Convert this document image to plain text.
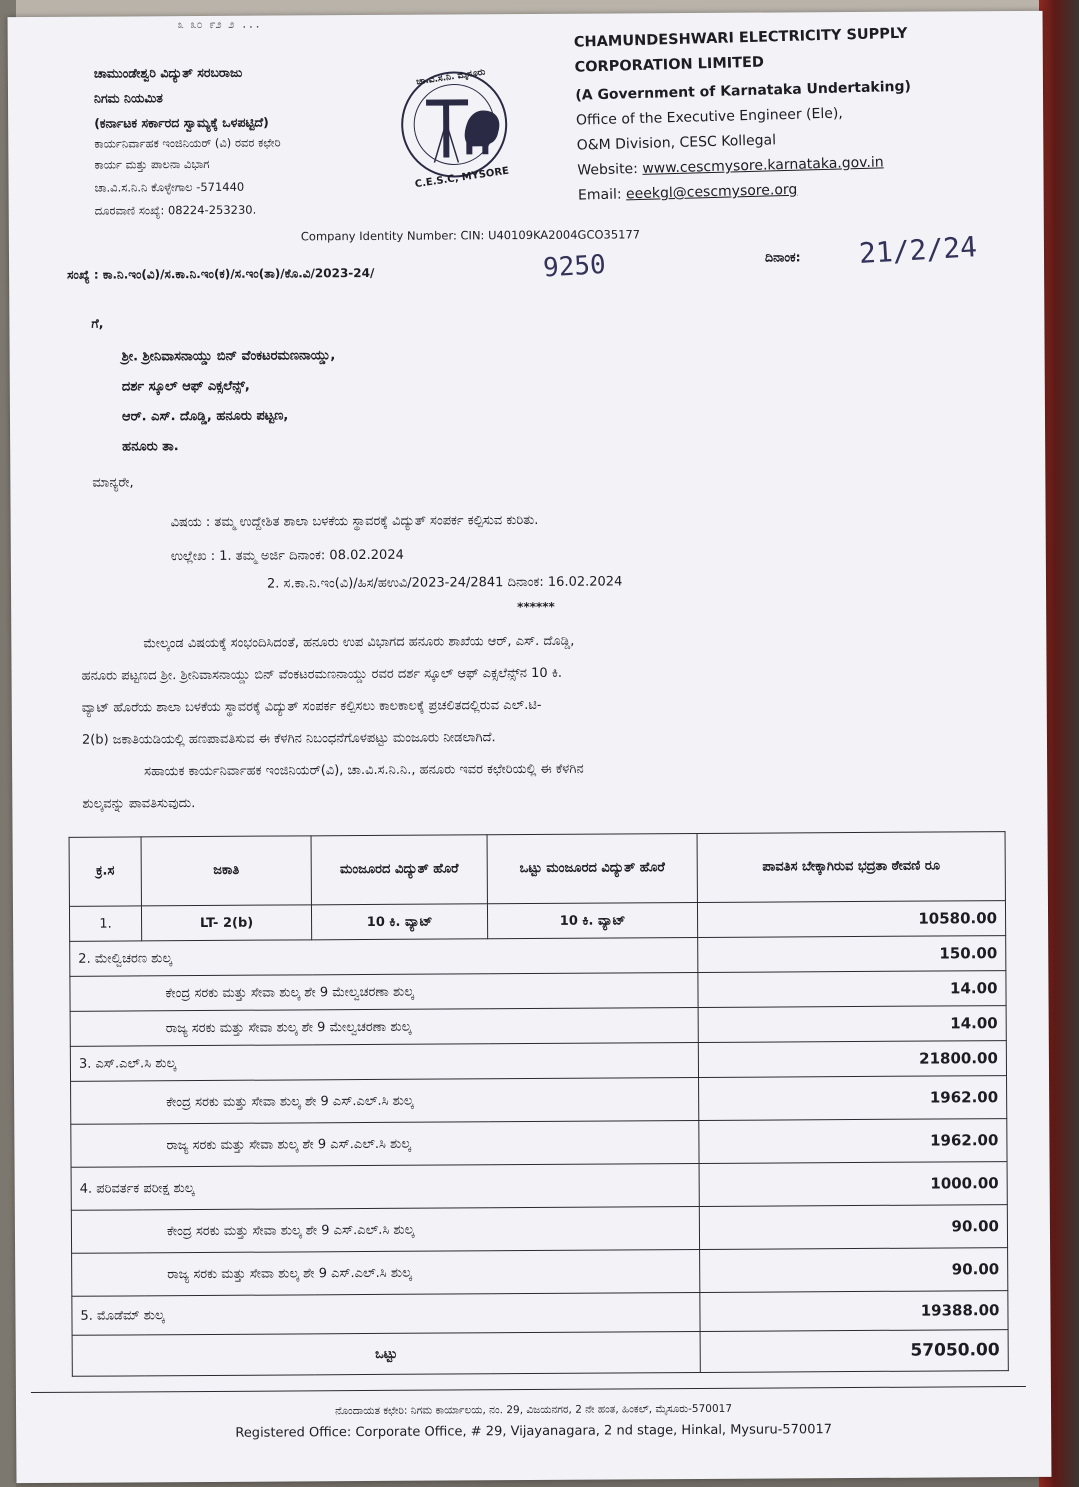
೩ ೩೦ ೯೨ ೨ ...
ಚಾಮುಂಡೇಶ್ವರಿ ವಿದ್ಯುತ್ ಸರಬರಾಜು
ನಿಗಮ ನಿಯಮಿತ
(ಕರ್ನಾಟಕ ಸರ್ಕಾರದ ಸ್ವಾಮ್ಯಕ್ಕೆ ಒಳಪಟ್ಟಿದೆ)
ಕಾರ್ಯನಿರ್ವಾಹಕ ಇಂಜಿನಿಯರ್ (ವಿ) ರವರ ಕಛೇರಿ
ಕಾರ್ಯ ಮತ್ತು ಪಾಲನಾ ವಿಭಾಗ
ಚಾ.ವಿ.ಸ.ನಿ.ನಿ ಕೊಳ್ಳೇಗಾಲ -571440
ದೂರವಾಣಿ ಸಂಖ್ಯೆ: 08224-253230.
ಚಾ.ವಿ.ಸ.ನಿ. ಮೈಸೂರು
C.E.S.C, MYSORE
CHAMUNDESHWARI ELECTRICITY SUPPLY
CORPORATION LIMITED
(A Government of Karnataka Undertaking)
Office of the Executive Engineer (Ele),
O&M Division, CESC Kollegal
Website: www.cescmysore.karnataka.gov.in
Email: eeekgl@cescmysore.org
Company Identity Number: CIN: U40109KA2004GCO35177
ಸಂಖ್ಯೆ : ಕಾ.ನಿ.ಇಂ(ವಿ)/ಸ.ಕಾ.ನಿ.ಇಂ(ಕ)/ಸ.ಇಂ(ತಾ)/ಕೊ.ವಿ/2023-24/	9250	ದಿನಾಂಕ: 21/2/24
ಗೆ,
ಶ್ರೀ. ಶ್ರೀನಿವಾಸನಾಯ್ಡು ಬಿನ್ ವೆಂಕಟರಮಣನಾಯ್ಡು,
ದರ್ಶ ಸ್ಕೂಲ್ ಆಫ್ ಎಕ್ಸಲೆನ್ಸ್,
ಆರ್. ಎಸ್. ದೊಡ್ಡಿ, ಹನೂರು ಪಟ್ಟಣ,
ಹನೂರು ತಾ.
ಮಾನ್ಯರೇ,
ವಿಷಯ : ತಮ್ಮ ಉದ್ದೇಶಿತ ಶಾಲಾ ಬಳಕೆಯ ಸ್ಥಾವರಕ್ಕೆ ವಿದ್ಯುತ್ ಸಂಪರ್ಕ ಕಲ್ಪಿಸುವ ಕುರಿತು.
ಉಲ್ಲೇಖ : 1. ತಮ್ಮ ಅರ್ಜಿ ದಿನಾಂಕ: 08.02.2024
2. ಸ.ಕಾ.ನಿ.ಇಂ(ವಿ)/ಹಿಸ/ಹಉವಿ/2023-24/2841 ದಿನಾಂಕ: 16.02.2024
******
ಮೇಲ್ಕಂಡ ವಿಷಯಕ್ಕೆ ಸಂಭಂದಿಸಿದಂತೆ, ಹನೂರು ಉಪ ವಿಭಾಗದ ಹನೂರು ಶಾಖೆಯ ಆರ್, ಎಸ್. ದೊಡ್ಡಿ,
ಹನೂರು ಪಟ್ಟಣದ ಶ್ರೀ. ಶ್ರೀನಿವಾಸನಾಯ್ಡು ಬಿನ್ ವೆಂಕಟರಮಣನಾಯ್ಡು ರವರ ದರ್ಶ ಸ್ಕೂಲ್ ಆಫ್ ಎಕ್ಸಲೆನ್ಸ್‌ನ 10 ಕಿ.
ವ್ಯಾಟ್ ಹೊರೆಯ ಶಾಲಾ ಬಳಕೆಯ ಸ್ಥಾವರಕ್ಕೆ ವಿದ್ಯುತ್ ಸಂಪರ್ಕ ಕಲ್ಪಿಸಲು ಕಾಲಕಾಲಕ್ಕೆ ಪ್ರಚಲಿತದಲ್ಲಿರುವ ಎಲ್.ಟಿ-
2(b) ಜಕಾತಿಯಡಿಯಲ್ಲಿ ಹಣಪಾವತಿಸುವ ಈ ಕೆಳಗಿನ ನಿಬಂಧನೆಗೊಳಪಟ್ಟು ಮಂಜೂರು ನೀಡಲಾಗಿದೆ.
ಸಹಾಯಕ ಕಾರ್ಯನಿರ್ವಾಹಕ ಇಂಜಿನಿಯರ್(ವಿ), ಚಾ.ವಿ.ಸ.ನಿ.ನಿ., ಹನೂರು ಇವರ ಕಛೇರಿಯಲ್ಲಿ ಈ ಕೆಳಗಿನ
ಶುಲ್ಕವನ್ನು ಪಾವತಿಸುವುದು.
ಕ್ರ.ಸ	ಜಕಾತಿ	ಮಂಜೂರದ ವಿದ್ಯುತ್ ಹೊರೆ	ಒಟ್ಟು ಮಂಜೂರದ ವಿದ್ಯುತ್ ಹೊರೆ	ಪಾವತಿಸ ಬೇಕ್ಕಾಗಿರುವ ಭದ್ರತಾ ಠೇವಣಿ ರೂ
1.	LT- 2(b)	10 ಕಿ. ವ್ಯಾಟ್	10 ಕಿ. ವ್ಯಾಟ್	10580.00
2. ಮೇಲ್ವಿಚರಣ ಶುಲ್ಕ				150.00
ಕೇಂದ್ರ ಸರಕು ಮತ್ತು ಸೇವಾ ಶುಲ್ಕ ಶೇ 9 ಮೇಲ್ವಚರಣಾ ಶುಲ್ಕ				14.00
ರಾಜ್ಯ ಸರಕು ಮತ್ತು ಸೇವಾ ಶುಲ್ಕ ಶೇ 9 ಮೇಲ್ವಚರಣಾ ಶುಲ್ಕ				14.00
3. ಎಸ್.ಎಲ್.ಸಿ ಶುಲ್ಕ				21800.00
ಕೇಂದ್ರ ಸರಕು ಮತ್ತು ಸೇವಾ ಶುಲ್ಕ ಶೇ 9 ಎಸ್.ಎಲ್.ಸಿ ಶುಲ್ಕ				1962.00
ರಾಜ್ಯ ಸರಕು ಮತ್ತು ಸೇವಾ ಶುಲ್ಕ ಶೇ 9 ಎಸ್.ಎಲ್.ಸಿ ಶುಲ್ಕ				1962.00
4. ಪರಿವರ್ತಕ ಪರೀಕ್ಷ ಶುಲ್ಕ				1000.00
ಕೇಂದ್ರ ಸರಕು ಮತ್ತು ಸೇವಾ ಶುಲ್ಕ ಶೇ 9 ಎಸ್.ಎಲ್.ಸಿ ಶುಲ್ಕ				90.00
ರಾಜ್ಯ ಸರಕು ಮತ್ತು ಸೇವಾ ಶುಲ್ಕ ಶೇ 9 ಎಸ್.ಎಲ್.ಸಿ ಶುಲ್ಕ				90.00
5. ಮೊಡೆಮ್ ಶುಲ್ಕ				19388.00
ಒಟ್ಟು				57050.00
ನೊಂದಾಯತ ಕಛೇರಿ: ನಿಗಮ ಕಾರ್ಯಾಲಯ, ನಂ. 29, ವಿಜಯನಗರ, 2 ನೇ ಹಂತ, ಹಿಂಕಲ್, ಮೈಸೂರು-570017
Registered Office: Corporate Office, # 29, Vijayanagara, 2 nd stage, Hinkal, Mysuru-570017
